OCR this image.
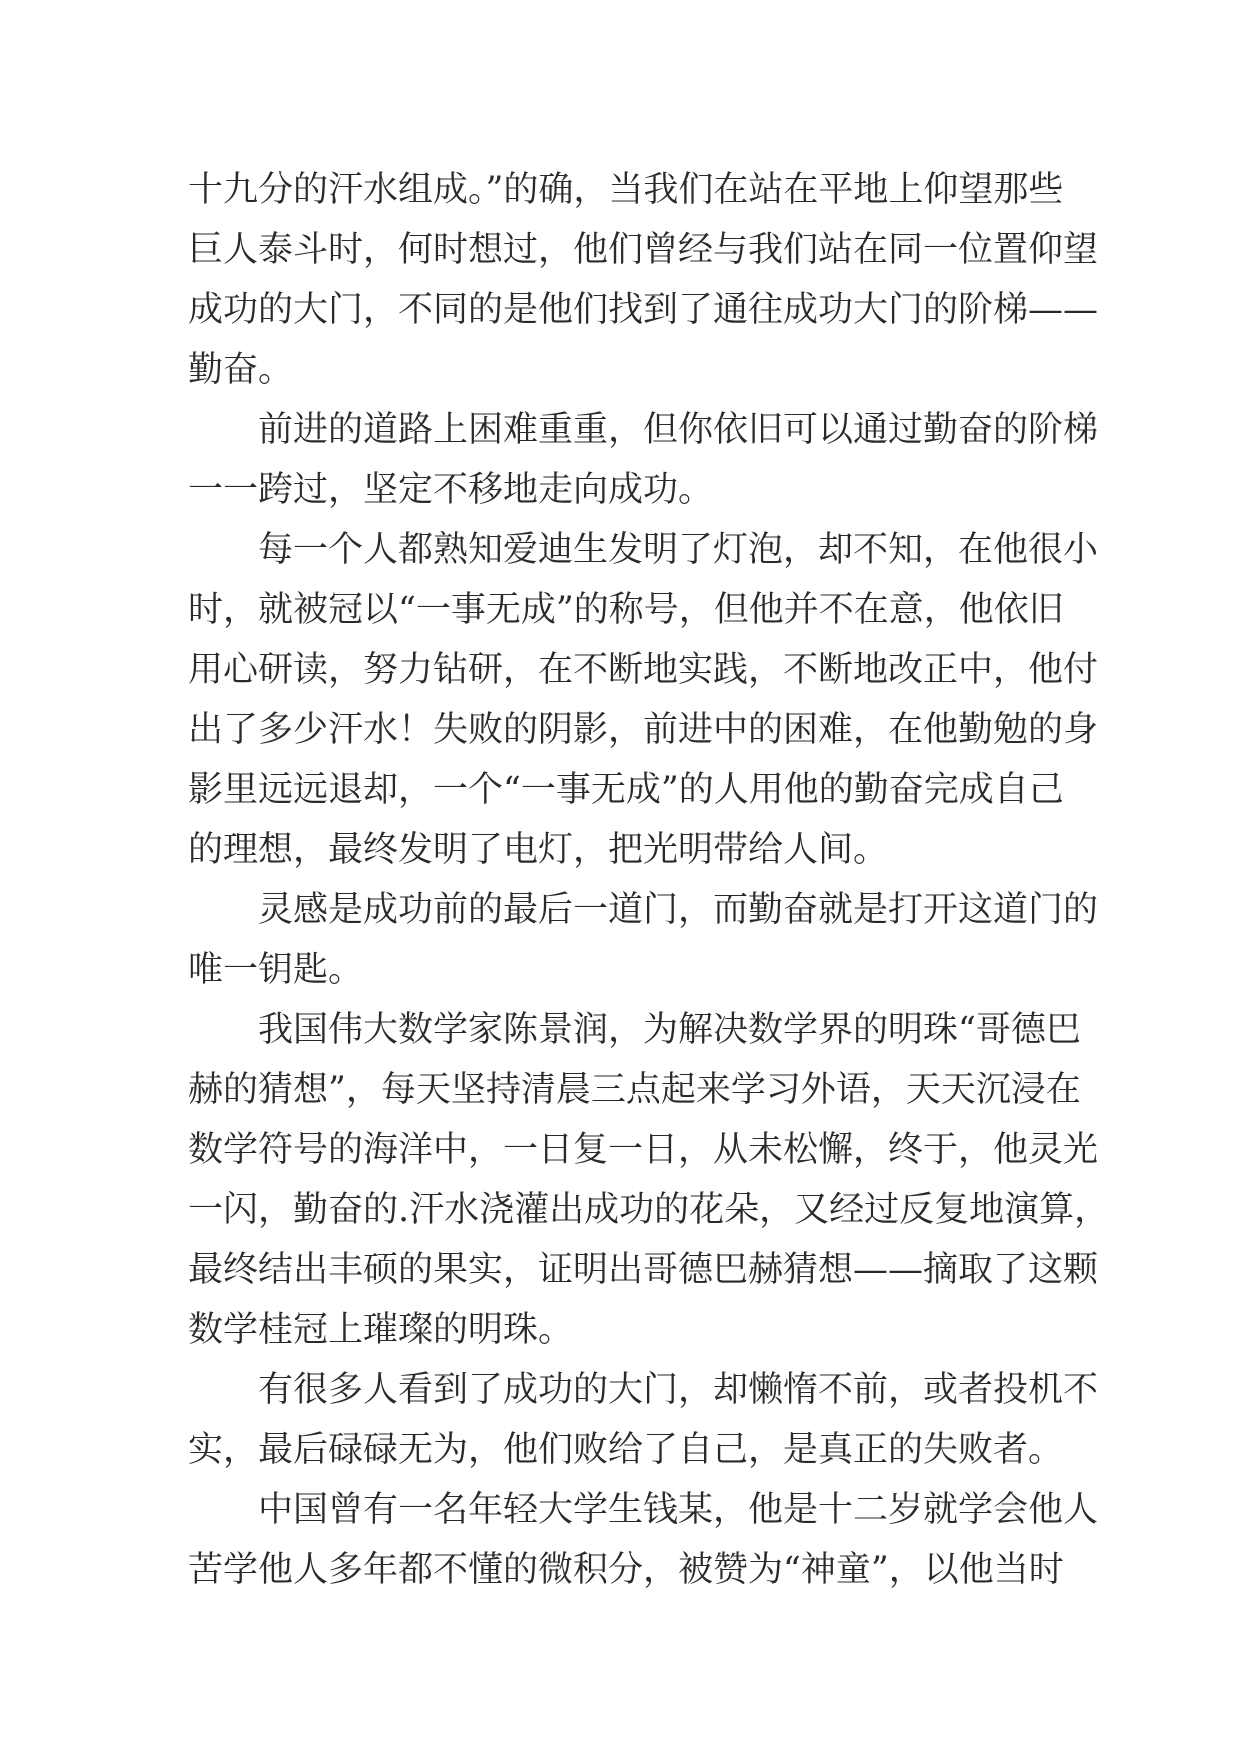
十九分的汗水组成。”的确，当我们在站在平地上仰望那些
巨人泰斗时，何时想过，他们曾经与我们站在同一位置仰望
成功的大门，不同的是他们找到了通往成功大门的阶梯——
勤奋。
前进的道路上困难重重，但你依旧可以通过勤奋的阶梯
一一跨过，坚定不移地走向成功。
每一个人都熟知爱迪生发明了灯泡，却不知，在他很小
时，就被冠以“一事无成”的称号，但他并不在意，他依旧
用心研读，努力钻研，在不断地实践，不断地改正中，他付
出了多少汗水！失败的阴影，前进中的困难，在他勤勉的身
影里远远退却，一个“一事无成”的人用他的勤奋完成自己
的理想，最终发明了电灯，把光明带给人间。
灵感是成功前的最后一道门，而勤奋就是打开这道门的
唯一钥匙。
我国伟大数学家陈景润，为解决数学界的明珠“哥德巴
赫的猜想”，每天坚持清晨三点起来学习外语，天天沉浸在
数学符号的海洋中，一日复一日，从未松懈，终于，他灵光
一闪，勤奋的.汗水浇灌出成功的花朵，又经过反复地演算，
最终结出丰硕的果实，证明出哥德巴赫猜想——摘取了这颗
数学桂冠上璀璨的明珠。
有很多人看到了成功的大门，却懒惰不前，或者投机不
实，最后碌碌无为，他们败给了自己，是真正的失败者。
中国曾有一名年轻大学生钱某，他是十二岁就学会他人
苦学他人多年都不懂的微积分，被赞为“神童”，以他当时
